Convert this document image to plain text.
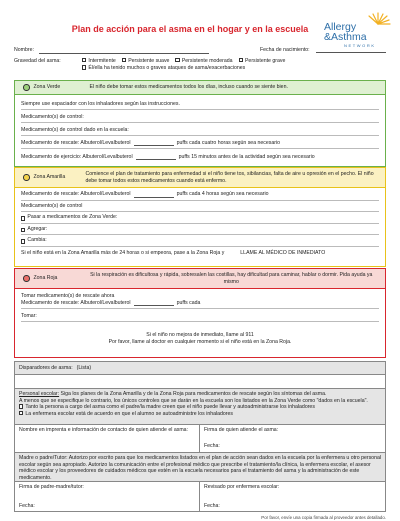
Plan de acción para el asma en el hogar y en la escuela	Allergy
&Asthma
NETWORK
Nombre:	Fecha de nacimiento:
Gravedad del asma:	Intermitente	Persistente suave	Persistente moderada	Persistente grave
Él/ella ha tenido muchos o graves ataques de asma/exacerbaciones
Zona Verde	El niño debe tomar estos medicamentos todos los días, incluso cuando se siente bien.
Siempre use espaciador con los inhaladores según las instrucciones.
Medicamento(s) de control:
Medicamento(s) de control dado en la escuela:
Medicamento de rescate: Albuterol/Levalbuterol	puffs cada cuatro horas según sea necesario
Medicamento de ejercicio: Albuterol/Levalbuterol	puffs 15 minutos antes de la actividad según sea necesario
Zona Amarilla
Comience el plan de tratamiento para enfermedad si el niño tiene tos, sibilancias, falta de aire u opresión en el pecho. El niño debe tomar todos estos medicamentos cuando está enfermo.
Medicamento de rescate: Albuterol/Levalbuterol	puffs cada 4 horas según sea necesario
Medicamento(s) de control
Pasar a medicamentos de Zona Verde:
Agregar:
Cambia:
Si el niño está en la Zona Amarilla más de 24 horas o si empeora, pase a la Zona Roja y	LLAME AL MÉDICO DE INMEDIATO
Zona Roja
Si la respiración es dificultosa y rápida, sobresalen las costillas, hay dificultad para caminar, hablar o dormir. Pida ayuda ya mismo
Tomar medicamento(s) de rescate ahora
Medicamento de rescate: Albuterol/Levalbuterol	puffs cada
Tomar:
Si el niño no mejora de inmediato, llame al 911
Por favor, llame al doctor en cualquier momento si el niño está en la Zona Roja.
Disparadores de asma: (Lista)
Personal escolar: Siga los planes de la Zona Amarilla y de la Zona Roja para medicamentos de rescate según los síntomas del asma.
A menos que se especifique lo contrario, los únicos controles que se darán en la escuela son los listados en la Zona Verde como "dados en la escuela".
Tanto la persona a cargo del asma como el padre/la madre creen que el niño puede llevar y autoadministrarse los inhaladores
La enfermera escolar está de acuerdo en que el alumno se autoadministre los inhaladores
Nombre en imprenta e información de contacto de quien atiende el asma:	Firma de quien atiende el asma:
Fecha:
Madre o padre/Tutor: Autorizo por escrito para que los medicamentos listados en el plan de acción sean dados en la escuela por la enfermera u otro personal escolar según sea apropiado. Autorizo la comunicación entre el profesional médico que prescribe el tratamiento/la clínica, la enfermera escolar, el asesor médico escolar y los proveedores de cuidados médicos que estén en la escuela necesarios para el tratamiento del asma y la administración de este medicamento.
Firma de padre-madre/tutor:
Fecha:
Revisado por enfermera escolar:
Fecha:
Por favor, envíe una copia firmada al proveedor antes detallado.
